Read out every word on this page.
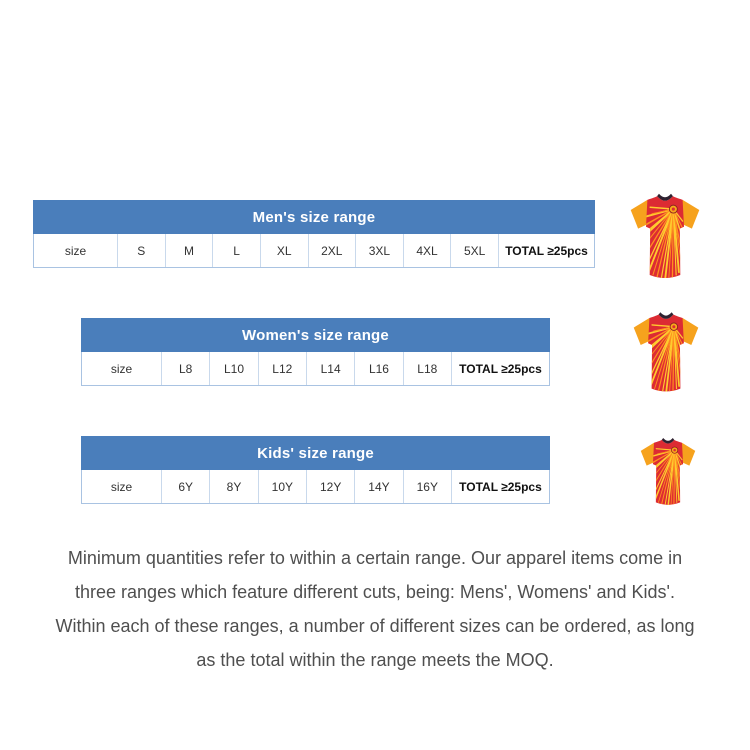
Men's size range
size	S	M	L	XL	2XL	3XL	4XL	5XL	TOTAL ≥25pcs
Women's size range
size	L8	L10	L12	L14	L16	L18	TOTAL ≥25pcs
Kids' size range
size	6Y	8Y	10Y	12Y	14Y	16Y	TOTAL ≥25pcs
Minimum quantities refer to within a certain range. Our apparel items come in three ranges which feature different cuts, being: Mens', Womens' and Kids'. Within each of these ranges, a number of different sizes can be ordered, as long as the total within the range meets the MOQ.
